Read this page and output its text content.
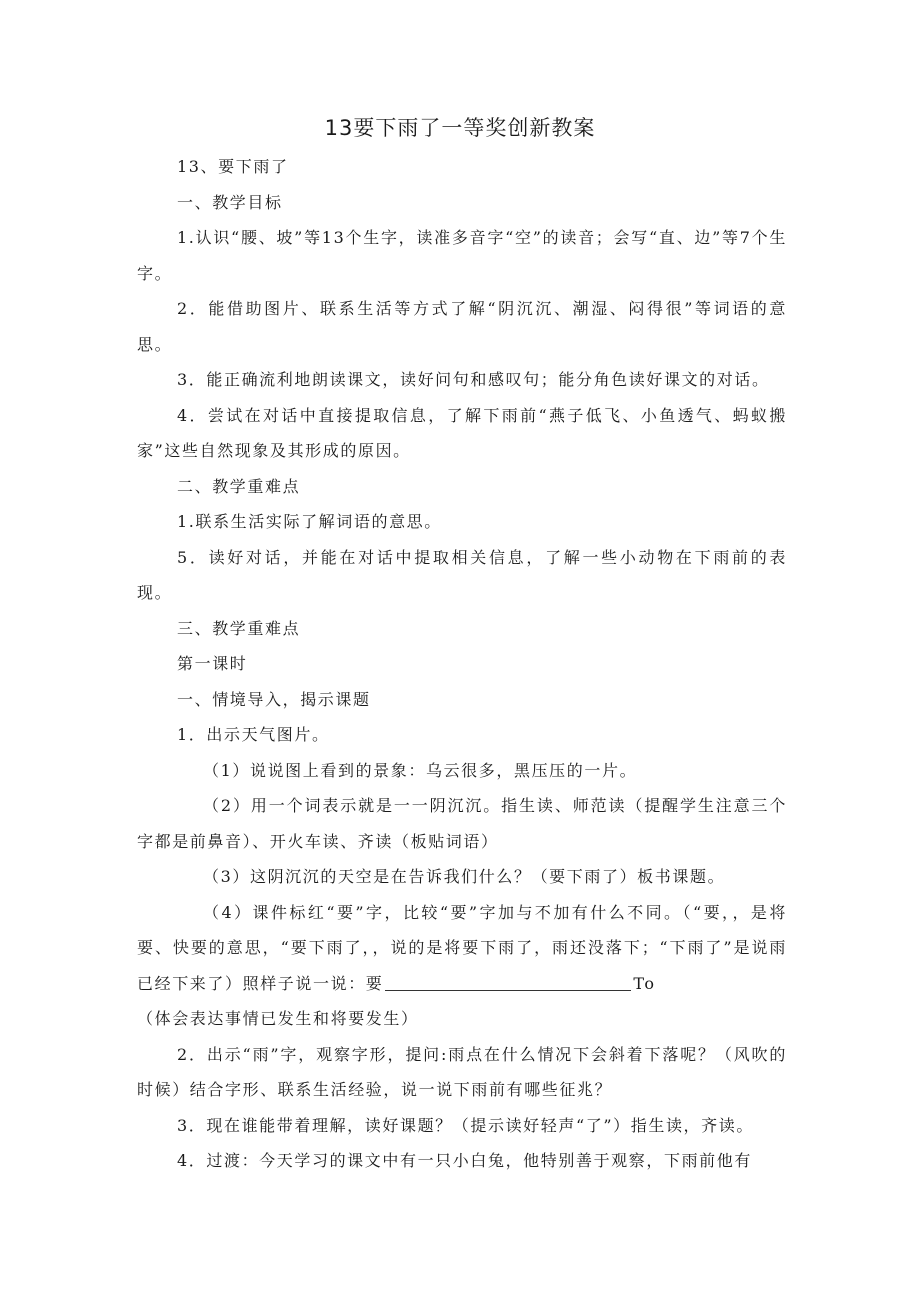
13要下雨了一等奖创新教案

13、要下雨了

一、教学目标

1.认识“腰、坡”等13个生字，读准多音字“空”的读音；会写“直、边”等7个生字。

2．能借助图片、联系生活等方式了解“阴沉沉、潮湿、闷得很”等词语的意思。

3．能正确流利地朗读课文，读好问句和感叹句；能分角色读好课文的对话。

4．尝试在对话中直接提取信息，了解下雨前“燕子低飞、小鱼透气、蚂蚁搬家”这些自然现象及其形成的原因。

二、教学重难点

1.联系生活实际了解词语的意思。

5．读好对话，并能在对话中提取相关信息，了解一些小动物在下雨前的表现。

三、教学重难点

第一课时

一、情境导入，揭示课题

1．出示天气图片。

（1）说说图上看到的景象：乌云很多，黑压压的一片。

（2）用一个词表示就是一一阴沉沉。指生读、师范读（提醒学生注意三个字都是前鼻音）、开火车读、齐读（板贴词语）

（3）这阴沉沉的天空是在告诉我们什么？（要下雨了）板书课题。

（4）课件标红“要”字，比较“要”字加与不加有什么不同。（“要，，是将要、快要的意思，“要下雨了，，说的是将要下雨了，雨还没落下；“下雨了”是说雨已经下来了）照样子说一说：要	To

（体会表达事情已发生和将要发生）

2．出示“雨”字，观察字形，提问:雨点在什么情况下会斜着下落呢？（风吹的时候）结合字形、联系生活经验，说一说下雨前有哪些征兆？

3．现在谁能带着理解，读好课题？（提示读好轻声“了”）指生读，齐读。

4．过渡：今天学习的课文中有一只小白兔，他特别善于观察，下雨前他有
